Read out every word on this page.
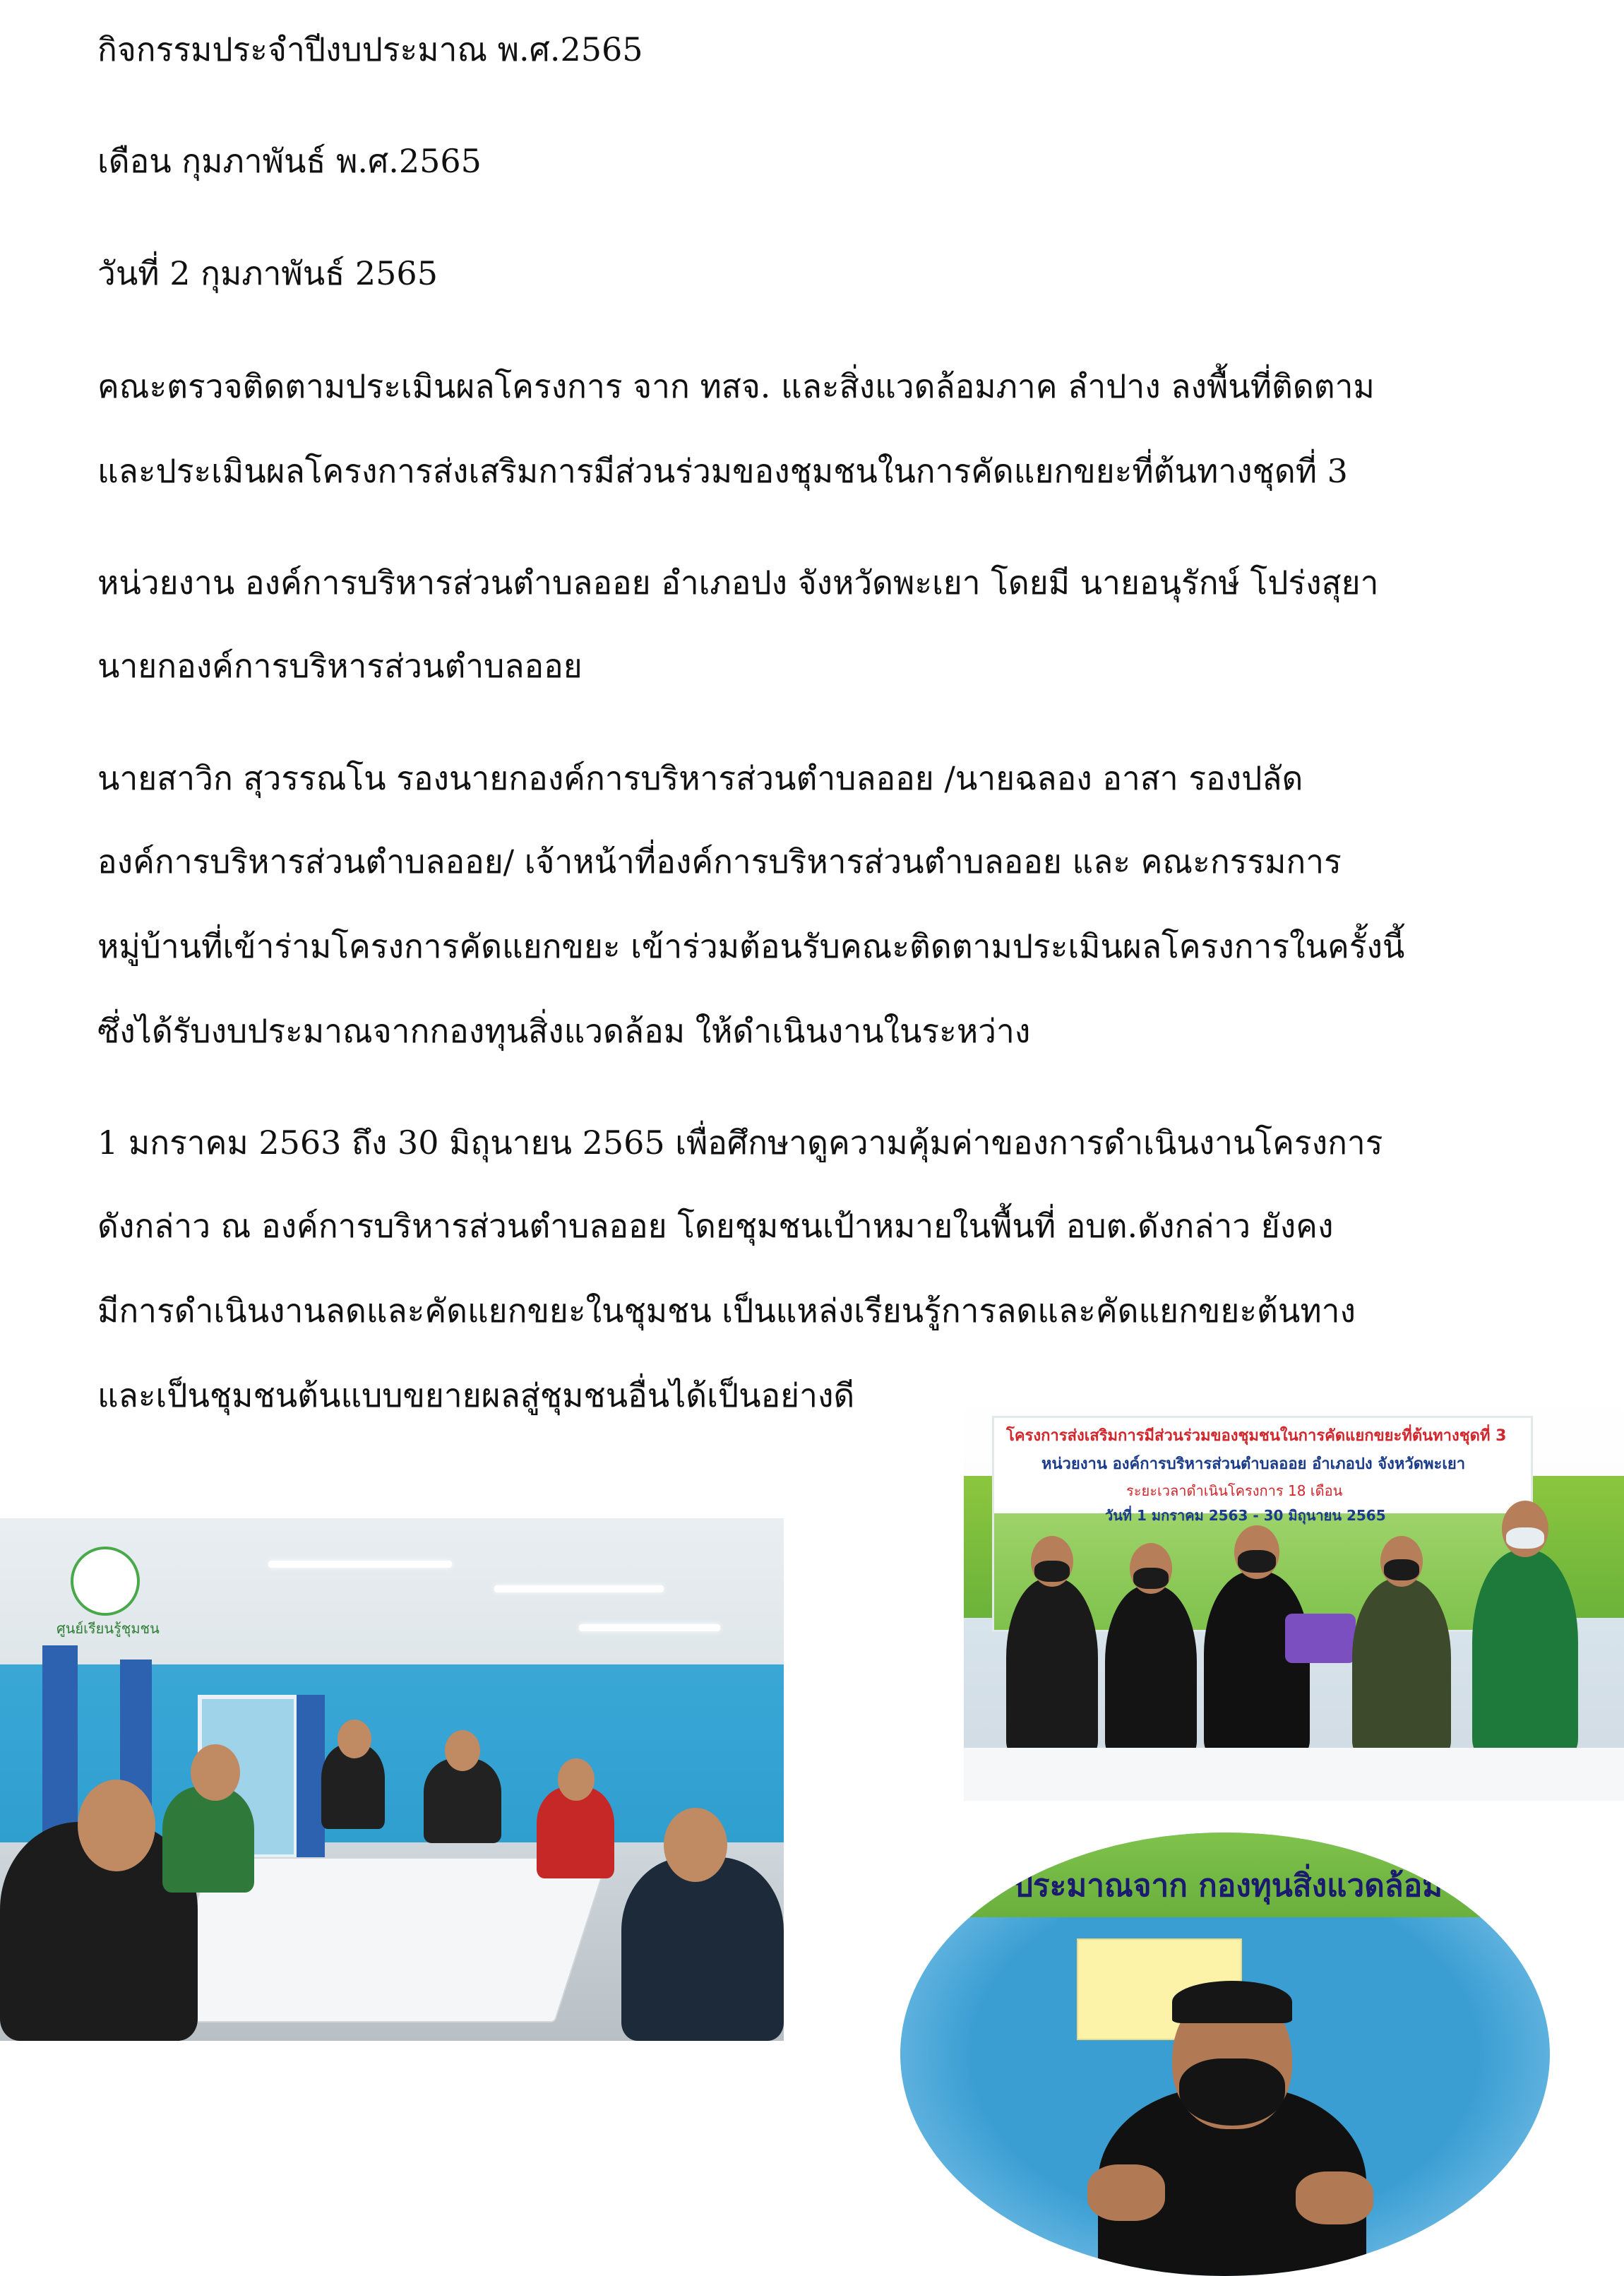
กิจกรรมประจำปีงบประมาณ พ.ศ.2565

เดือน กุมภาพันธ์ พ.ศ.2565

วันที่ 2 กุมภาพันธ์ 2565

คณะตรวจติดตามประเมินผลโครงการ จาก ทสจ. และสิ่งแวดล้อมภาค ลำปาง ลงพื้นที่ติดตาม

และประเมินผลโครงการส่งเสริมการมีส่วนร่วมของชุมชนในการคัดแยกขยะที่ต้นทางชุดที่ 3

หน่วยงาน องค์การบริหารส่วนตำบลออย อำเภอปง จังหวัดพะเยา โดยมี นายอนุรักษ์ โปร่งสุยา

นายกองค์การบริหารส่วนตำบลออย

นายสาวิก สุวรรณโน รองนายกองค์การบริหารส่วนตำบลออย /นายฉลอง อาสา รองปลัด

องค์การบริหารส่วนตำบลออย/ เจ้าหน้าที่องค์การบริหารส่วนตำบลออย และ คณะกรรมการ

หมู่บ้านที่เข้าร่ามโครงการคัดแยกขยะ เข้าร่วมต้อนรับคณะติดตามประเมินผลโครงการในครั้งนี้

ซึ่งได้รับงบประมาณจากกองทุนสิ่งแวดล้อม ให้ดำเนินงานในระหว่าง

1 มกราคม 2563 ถึง 30 มิถุนายน 2565 เพื่อศึกษาดูความคุ้มค่าของการดำเนินงานโครงการ

ดังกล่าว ณ องค์การบริหารส่วนตำบลออย โดยชุมชนเป้าหมายในพื้นที่ อบต.ดังกล่าว ยังคง

มีการดำเนินงานลดและคัดแยกขยะในชุมชน เป็นแหล่งเรียนรู้การลดและคัดแยกขยะต้นทาง

และเป็นชุมชนต้นแบบขยายผลสู่ชุมชนอื่นได้เป็นอย่างดี

ศูนย์เรียนรู้ชุมชน
โครงการส่งเสริมการมีส่วนร่วมของชุมชนในการคัดแยกขยะที่ต้นทางชุดที่ 3
หน่วยงาน องค์การบริหารส่วนตำบลออย อำเภอปง จังหวัดพะเยา
ระยะเวลาดำเนินโครงการ 18 เดือน
วันที่ 1 มกราคม 2563 - 30 มิถุนายน 2565
ประมาณจาก กองทุนสิ่งแวดล้อม
